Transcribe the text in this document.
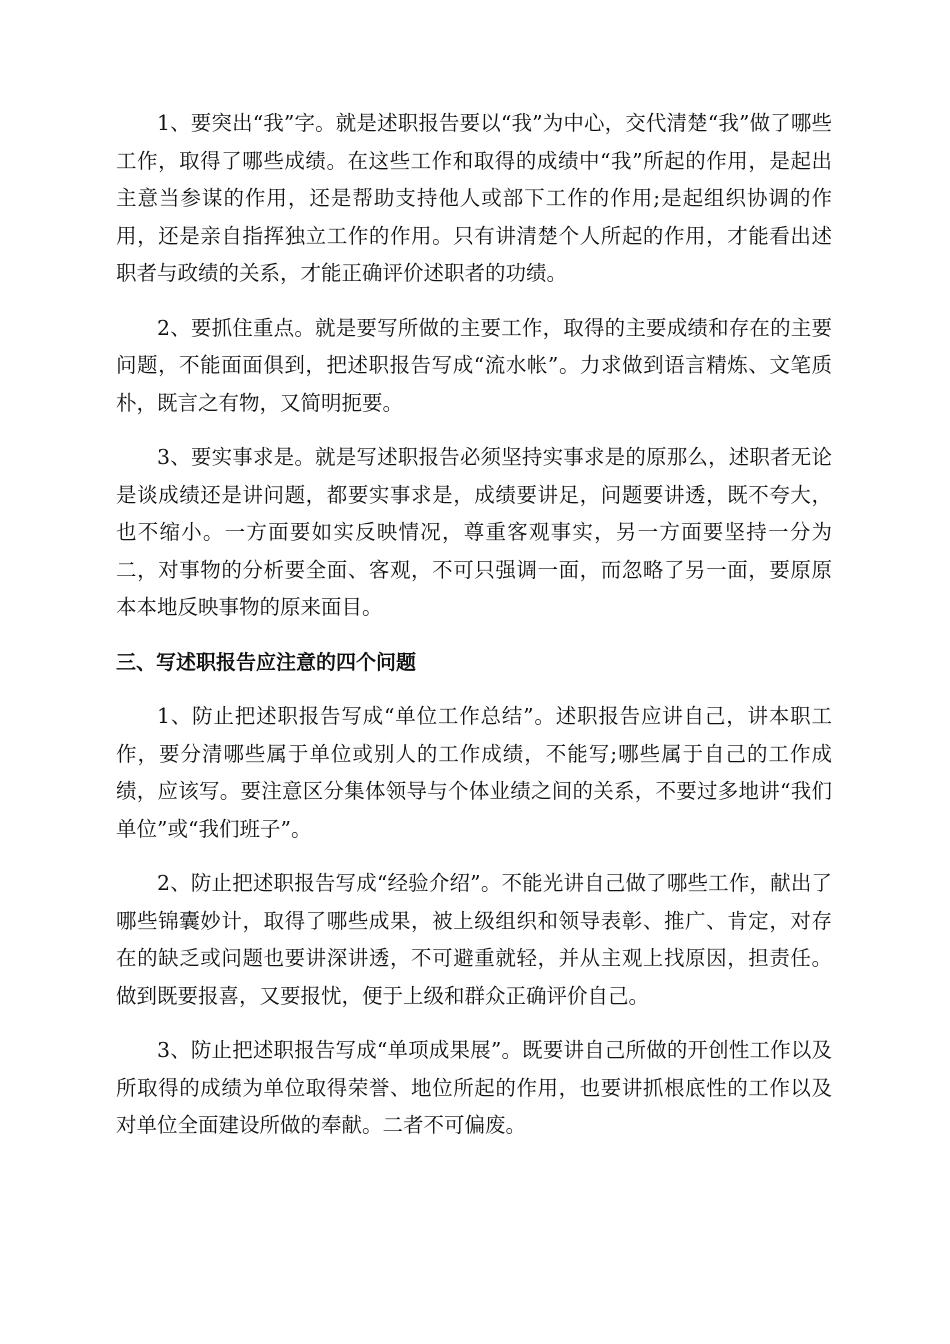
1、要突出“我”字。就是述职报告要以“我”为中心，交代清楚“我”做了哪些工作，取得了哪些成绩。在这些工作和取得的成绩中“我”所起的作用，是起出主意当参谋的作用，还是帮助支持他人或部下工作的作用;是起组织协调的作用，还是亲自指挥独立工作的作用。只有讲清楚个人所起的作用，才能看出述职者与政绩的关系，才能正确评价述职者的功绩。

2、要抓住重点。就是要写所做的主要工作，取得的主要成绩和存在的主要问题，不能面面俱到，把述职报告写成“流水帐”。力求做到语言精炼、文笔质朴，既言之有物，又简明扼要。

3、要实事求是。就是写述职报告必须坚持实事求是的原那么，述职者无论是谈成绩还是讲问题，都要实事求是，成绩要讲足，问题要讲透，既不夸大，也不缩小。一方面要如实反映情况，尊重客观事实，另一方面要坚持一分为二，对事物的分析要全面、客观，不可只强调一面，而忽略了另一面，要原原本本地反映事物的原来面目。

三、写述职报告应注意的四个问题

1、防止把述职报告写成“单位工作总结”。述职报告应讲自己，讲本职工作，要分清哪些属于单位或别人的工作成绩，不能写;哪些属于自己的工作成绩，应该写。要注意区分集体领导与个体业绩之间的关系，不要过多地讲“我们单位”或“我们班子”。

2、防止把述职报告写成“经验介绍”。不能光讲自己做了哪些工作，献出了哪些锦囊妙计，取得了哪些成果，被上级组织和领导表彰、推广、肯定，对存在的缺乏或问题也要讲深讲透，不可避重就轻，并从主观上找原因，担责任。做到既要报喜，又要报忧，便于上级和群众正确评价自己。

3、防止把述职报告写成“单项成果展”。既要讲自己所做的开创性工作以及所取得的成绩为单位取得荣誉、地位所起的作用，也要讲抓根底性的工作以及对单位全面建设所做的奉献。二者不可偏废。
